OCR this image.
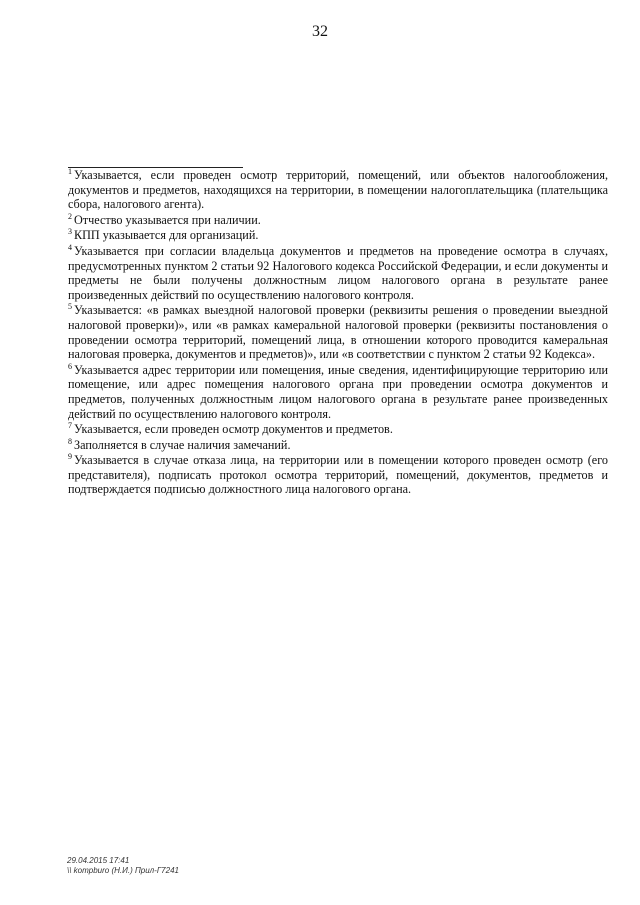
32

$^1$ Указывается, если проведен осмотр территорий, помещений, или объектов налогообложения, документов и предметов, находящихся на территории, в помещении налогоплательщика (плательщика сбора, налогового агента).

$^2$ Отчество указывается при наличии.

$^3$ КПП указывается для организаций.

$^4$ Указывается при согласии владельца документов и предметов на проведение осмотра в случаях, предусмотренных пунктом 2 статьи 92 Налогового кодекса Российской Федерации, и если документы и предметы не были получены должностным лицом налогового органа в результате ранее произведенных действий по осуществлению налогового контроля.

$^5$ Указывается: «в рамках выездной налоговой проверки (реквизиты решения о проведении выездной налоговой проверки)», или «в рамках камеральной налоговой проверки (реквизиты постановления о проведении осмотра территорий, помещений лица, в отношении которого проводится камеральная налоговая проверка, документов и предметов)», или «в соответствии с пунктом 2 статьи 92 Кодекса».

$^6$ Указывается адрес территории или помещения, иные сведения, идентифицирующие территорию или помещение, или адрес помещения налогового органа при проведении осмотра документов и предметов, полученных должностным лицом налогового органа в результате ранее произведенных действий по осуществлению налогового контроля.

$^7$ Указывается, если проведен осмотр документов и предметов.

$^8$ Заполняется в случае наличия замечаний.

$^9$ Указывается в случае отказа лица, на территории или в помещении которого проведен осмотр (его представителя), подписать протокол осмотра территорий, помещений, документов, предметов и подтверждается подписью должностного лица налогового органа.

29.04.2015 17:41
\\ kompburo (Н.И.) Прил-Г7241
